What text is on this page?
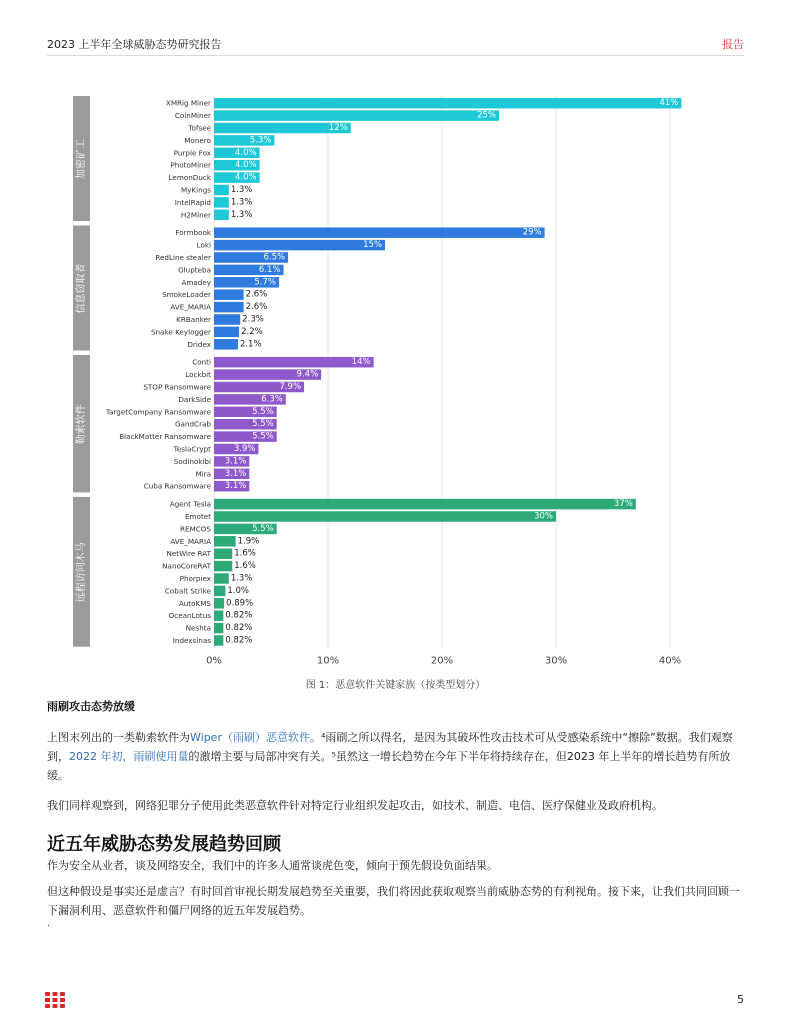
2023 上半年全球威胁态势研究报告	报告
0%	10%	20%	30%	40%
加密矿工
XMRig Miner	41%
CoinMiner	25%
Tofsee	12%
Monero	5.3%
Purple Fox	4.0%
PhotoMiner	4.0%
LemonDuck	4.0%
MyKings 1.3%
IntelRapid 1.3%
H2Miner 1.3%
信息窃取者
Formbook	29%
Loki	15%
RedLine stealer	6.5%
Glupteba	6.1%
Amadey	5.7%
SmokeLoader	2.6%
AVE_MARIA	2.6%
KRBanker	2.3%
Snake Keylogger	2.2%
Dridex	2.1%
勒索软件
Conti	14%
Lockbit	9.4%
STOP Ransomware	7.9%
DarkSide	6.3%
TargetCompany Ransomware	5.5%
GandCrab	5.5%
BlackMatter Ransomware	5.5%
TeslaCrypt	3.9%
Sodinokibi 3.1%
Mira 3.1%
Cuba Ransomware 3.1%
远程访问木马
Agent Tesla	37%
Emotet	30%
REMCOS	5.5%
AVE_MARIA	1.9%
NetWire RAT	1.6%
NanoCoreRAT	1.6%
Phorpiex 1.3%
Cobalt Strike 1.0%
AutoKMS 0.89%
OceanLotus 0.82%
Neshta 0.82%
Indexsinas 0.82%
图 1：恶意软件关键家族（按类型划分）
雨刷攻击态势放缓
上图末列出的一类勒索软件为Wiper（雨刷）恶意软件。⁴雨刷之所以得名，是因为其破坏性攻击技术可从受感染系统中“擦除”数据。我们观察到，2022 年初，雨刷使用量的激增主要与局部冲突有关。⁵虽然这一增长趋势在今年下半年将持续存在，但2023 年上半年的增长趋势有所放缓。
我们同样观察到，网络犯罪分子使用此类恶意软件针对特定行业组织发起攻击，如技术、制造、电信、医疗保健业及政府机构。
近五年威胁态势发展趋势回顾
作为安全从业者，谈及网络安全，我们中的许多人通常谈虎色变，倾向于预先假设负面结果。
但这种假设是事实还是虚言？有时回首审视长期发展趋势至关重要，我们将因此获取观察当前威胁态势的有利视角。接下来，让我们共同回顾一下漏洞利用、恶意软件和僵尸网络的近五年发展趋势。
.
5
